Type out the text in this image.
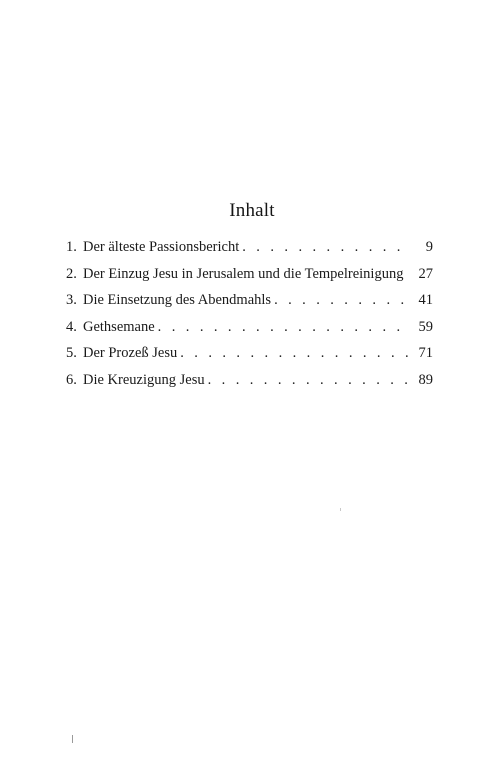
Inhalt
1. Der älteste Passionsbericht . . .	9
2. Der Einzug Jesu in Jerusalem und die Tempelreinigung	27
3. Die Einsetzung des Abendmahls . . .	41
4. Gethsemane . . .	59
5. Der Prozeß Jesu . . .	71
6. Die Kreuzigung Jesu . . .	89
